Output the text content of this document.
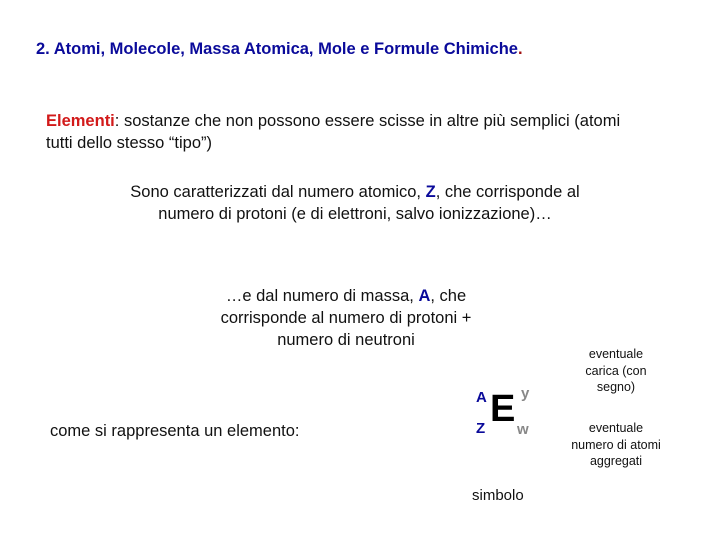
2. Atomi, Molecole, Massa Atomica, Mole e Formule Chimiche.
Elementi: sostanze che non possono essere scisse in altre più semplici (atomi tutti dello stesso “tipo”)
Sono caratterizzati dal numero atomico, Z, che corrisponde al numero di protoni (e di elettroni, salvo ionizzazione)…
…e dal numero di massa, A, che corrisponde al numero di protoni + numero di neutroni
come si rappresenta un elemento:
A
Z E y
w
simbolo
eventuale carica (con segno)
eventuale numero di atomi aggregati
